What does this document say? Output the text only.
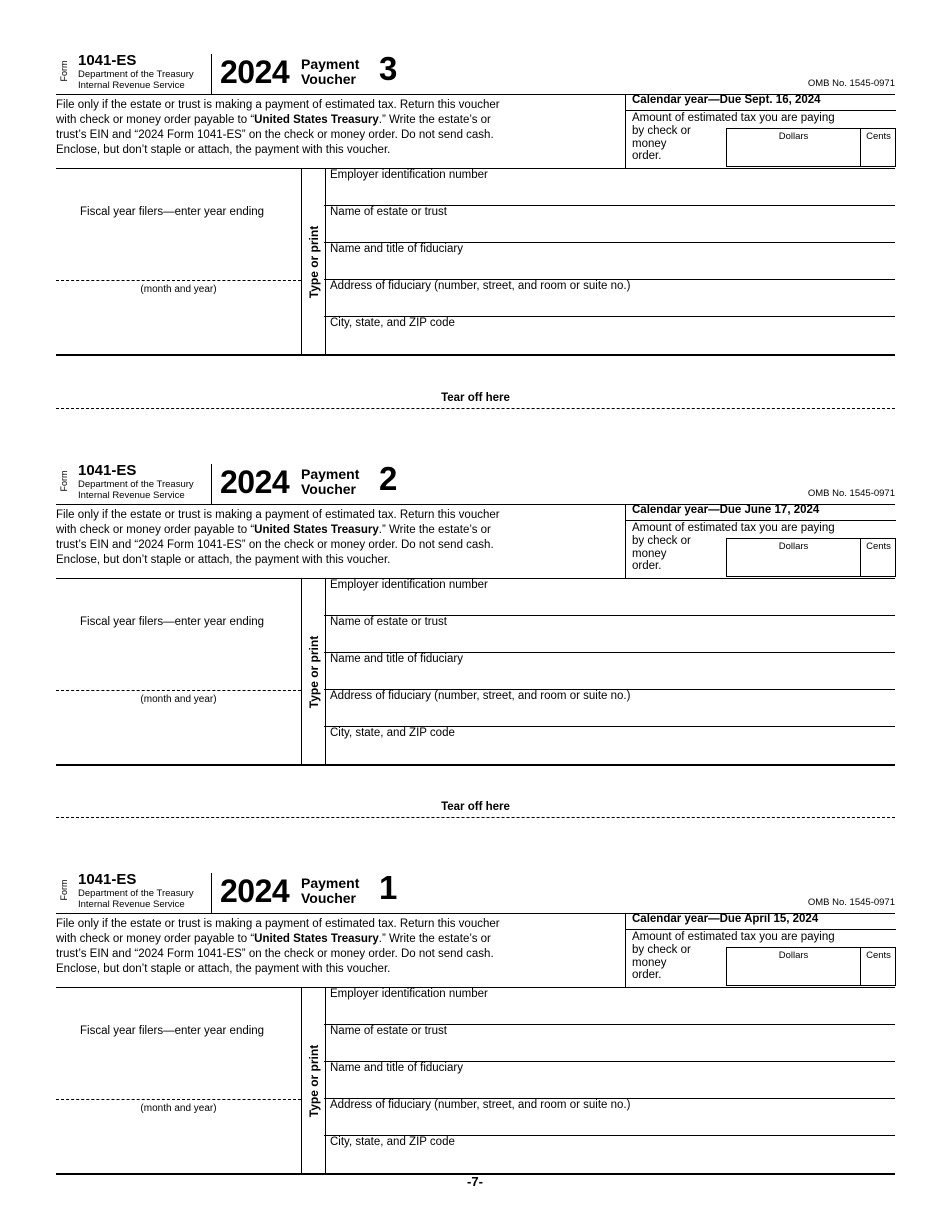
Form 1041-ES
Department of the Treasury
Internal Revenue Service 2024 Payment
Voucher 3	OMB No. 1545-0971
File only if the estate or trust is making a payment of estimated tax. Return this voucher
with check or money order payable to “United States Treasury.” Write the estate’s or
trust’s EIN and “2024 Form 1041-ES” on the check or money order. Do not send cash.
Enclose, but don’t staple or attach, the payment with this voucher.
Calendar year—Due Sept. 16, 2024
Amount of estimated tax you are paying
by check or
money
order.
Dollars	Cents
Fiscal year filers—enter year ending
(month and year)	Type or print
Employer identification number
Name of estate or trust
Name and title of fiduciary
Address of fiduciary (number, street, and room or suite no.)
City, state, and ZIP code
Tear off here
Form 1041-ES
Department of the Treasury
Internal Revenue Service 2024 Payment
Voucher 2	OMB No. 1545-0971
File only if the estate or trust is making a payment of estimated tax. Return this voucher
with check or money order payable to “United States Treasury.” Write the estate’s or
trust’s EIN and “2024 Form 1041-ES” on the check or money order. Do not send cash.
Enclose, but don’t staple or attach, the payment with this voucher.
Calendar year—Due June 17, 2024
Amount of estimated tax you are paying
by check or
money
order.
Dollars	Cents
Fiscal year filers—enter year ending
(month and year)	Type or print
Employer identification number
Name of estate or trust
Name and title of fiduciary
Address of fiduciary (number, street, and room or suite no.)
City, state, and ZIP code
Tear off here
Form 1041-ES
Department of the Treasury
Internal Revenue Service 2024 Payment
Voucher 1	OMB No. 1545-0971
File only if the estate or trust is making a payment of estimated tax. Return this voucher
with check or money order payable to “United States Treasury.” Write the estate’s or
trust’s EIN and “2024 Form 1041-ES” on the check or money order. Do not send cash.
Enclose, but don’t staple or attach, the payment with this voucher.
Calendar year—Due April 15, 2024
Amount of estimated tax you are paying
by check or
money
order.
Dollars	Cents
Fiscal year filers—enter year ending
(month and year)	Type or print
Employer identification number
Name of estate or trust
Name and title of fiduciary
Address of fiduciary (number, street, and room or suite no.)
City, state, and ZIP code
-7-
